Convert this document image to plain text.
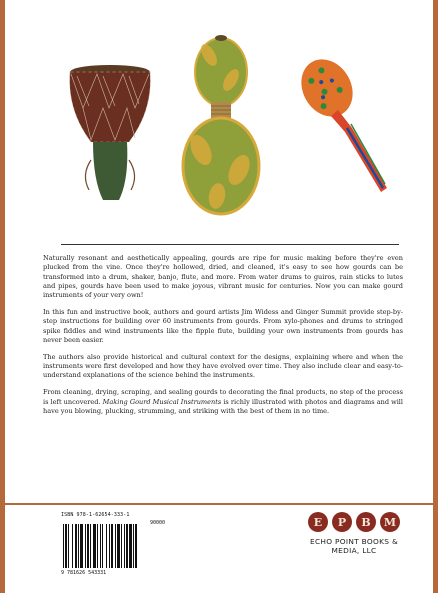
Naturally resonant and aesthetically appealing, gourds are ripe for music making before they're even plucked from the vine. Once they're hollowed, dried, and cleaned, it's easy to see how gourds can be transformed into a drum, shaker, banjo, flute, and more. From water drums to guiros, rain sticks to lutes and pipes, gourds have been used to make joyous, vibrant music for centuries. Now you can make gourd instruments of your very own!

In this fun and instructive book, authors and gourd artists Jim Widess and Ginger Summit provide step-by-step instructions for building over 60 instruments from gourds. From xylo-phones and drums to stringed spike fiddles and wind instruments like the fipple flute, building your own instruments from gourds has never been easier.

The authors also provide historical and cultural context for the designs, explaining where and when the instruments were first developed and how they have evolved over time. They also include clear and easy-to-understand explanations of the science behind the instruments.

From cleaning, drying, scraping, and sealing gourds to decorating the final products, no step of the process is left uncovered. Making Gourd Musical Instruments is richly illustrated with photos and diagrams and will have you blowing, plucking, strumming, and striking with the best of them in no time.

ISBN 978-1-62654-333-1
90000
9 781626 543331
E	P	B	M
ECHO POINT BOOKS & MEDIA, LLC
